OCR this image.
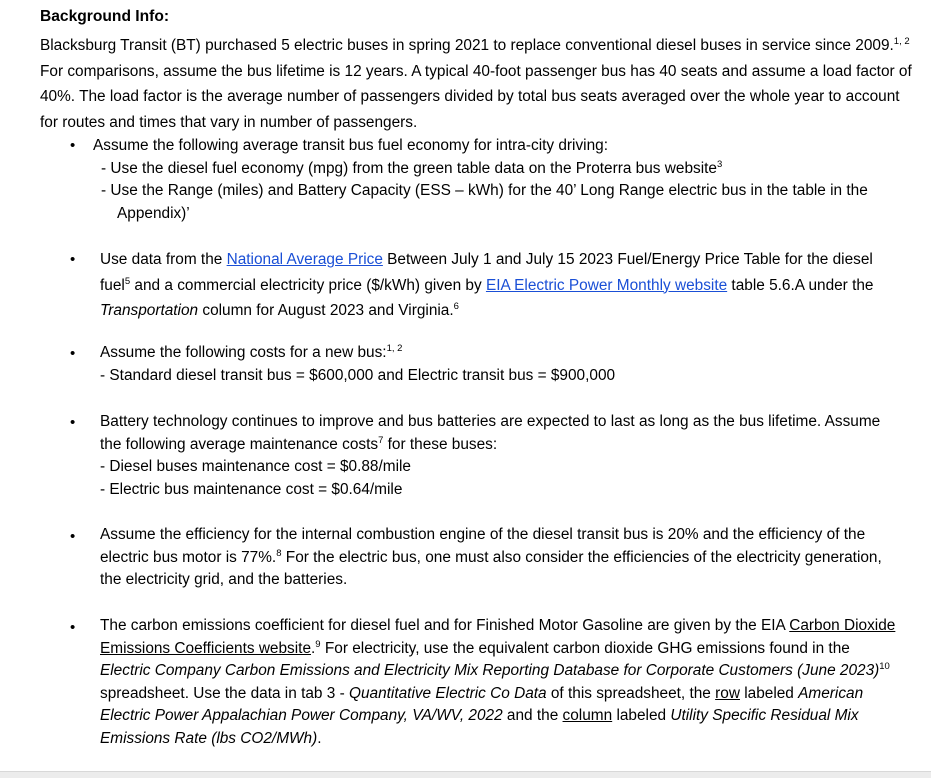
Background Info:
Blacksburg Transit (BT) purchased 5 electric buses in spring 2021 to replace conventional diesel buses in service since 2009.$^{1, 2}$ For comparisons, assume the bus lifetime is 12 years. A typical 40-foot passenger bus has 40 seats and assume a load factor of 40%. The load factor is the average number of passengers divided by total bus seats averaged over the whole year to account for routes and times that vary in number of passengers.
• Assume the following average transit bus fuel economy for intra-city driving:
- Use the diesel fuel economy (mpg) from the green table data on the Proterra bus website$^3$
- Use the Range (miles) and Battery Capacity (ESS – kWh) for the 40’ Long Range electric bus in the table in the Appendix)’
• Use data from the National Average Price Between July 1 and July 15 2023 Fuel/Energy Price Table for the diesel fuel$^5$ and a commercial electricity price ($/kWh) given by EIA Electric Power Monthly website table 5.6.A under the Transportation column for August 2023 and Virginia.$^6$
• Assume the following costs for a new bus:$^{1, 2}$
- Standard diesel transit bus = $600,000 and Electric transit bus = $900,000
• Battery technology continues to improve and bus batteries are expected to last as long as the bus lifetime. Assume the following average maintenance costs$^7$ for these buses:
- Diesel buses maintenance cost = $0.88/mile
- Electric bus maintenance cost = $0.64/mile
• Assume the efficiency for the internal combustion engine of the diesel transit bus is 20% and the efficiency of the electric bus motor is 77%.$^8$ For the electric bus, one must also consider the efficiencies of the electricity generation, the electricity grid, and the batteries.
• The carbon emissions coefficient for diesel fuel and for Finished Motor Gasoline are given by the EIA Carbon Dioxide Emissions Coefficients website.$^9$ For electricity, use the equivalent carbon dioxide GHG emissions found in the Electric Company Carbon Emissions and Electricity Mix Reporting Database for Corporate Customers (June 2023)$^{10}$ spreadsheet. Use the data in tab 3 - Quantitative Electric Co Data of this spreadsheet, the row labeled American Electric Power Appalachian Power Company, VA/WV, 2022 and the column labeled Utility Specific Residual Mix Emissions Rate (lbs CO2/MWh).
